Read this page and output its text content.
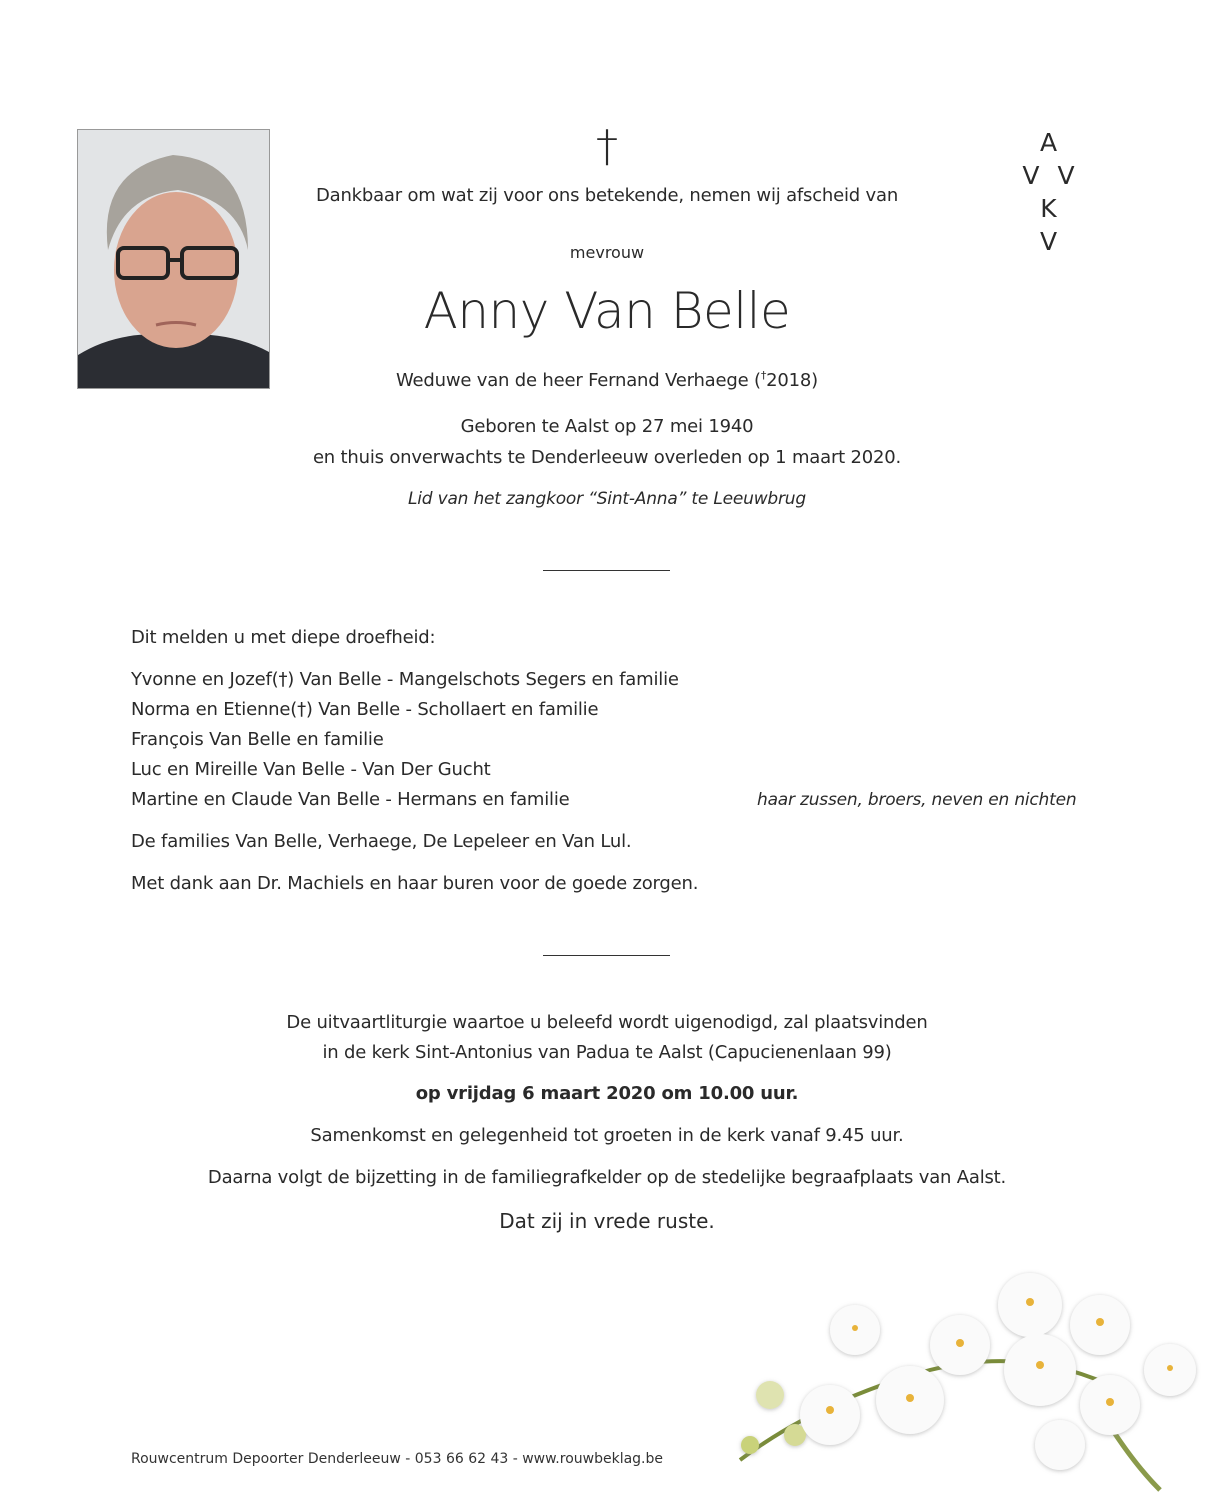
†
Dankbaar om wat zij voor ons betekende, nemen wij afscheid van
A
V V K
V
mevrouw
Anny Van Belle
Weduwe van de heer Fernand Verhaege (†2018)
Geboren te Aalst op 27 mei 1940
en thuis onverwachts te Denderleeuw overleden op 1 maart 2020.
Lid van het zangkoor “Sint-Anna” te Leeuwbrug
Dit melden u met diepe droefheid:
Yvonne en Jozef(†) Van Belle - Mangelschots Segers en familie
Norma en Etienne(†) Van Belle - Schollaert en familie
François Van Belle en familie
Luc en Mireille Van Belle - Van Der Gucht
Martine en Claude Van Belle - Hermans en familie	haar zussen, broers, neven en nichten
De families Van Belle, Verhaege, De Lepeleer en Van Lul.
Met dank aan Dr. Machiels en haar buren voor de goede zorgen.
De uitvaartliturgie waartoe u beleefd wordt uigenodigd, zal plaatsvinden
in de kerk Sint-Antonius van Padua te Aalst (Capucienenlaan 99)
op vrijdag 6 maart 2020 om 10.00 uur.
Samenkomst en gelegenheid tot groeten in de kerk vanaf 9.45 uur.
Daarna volgt de bijzetting in de familiegrafkelder op de stedelijke begraafplaats van Aalst.
Dat zij in vrede ruste.
Rouwcentrum Depoorter Denderleeuw - 053 66 62 43 - www.rouwbeklag.be
